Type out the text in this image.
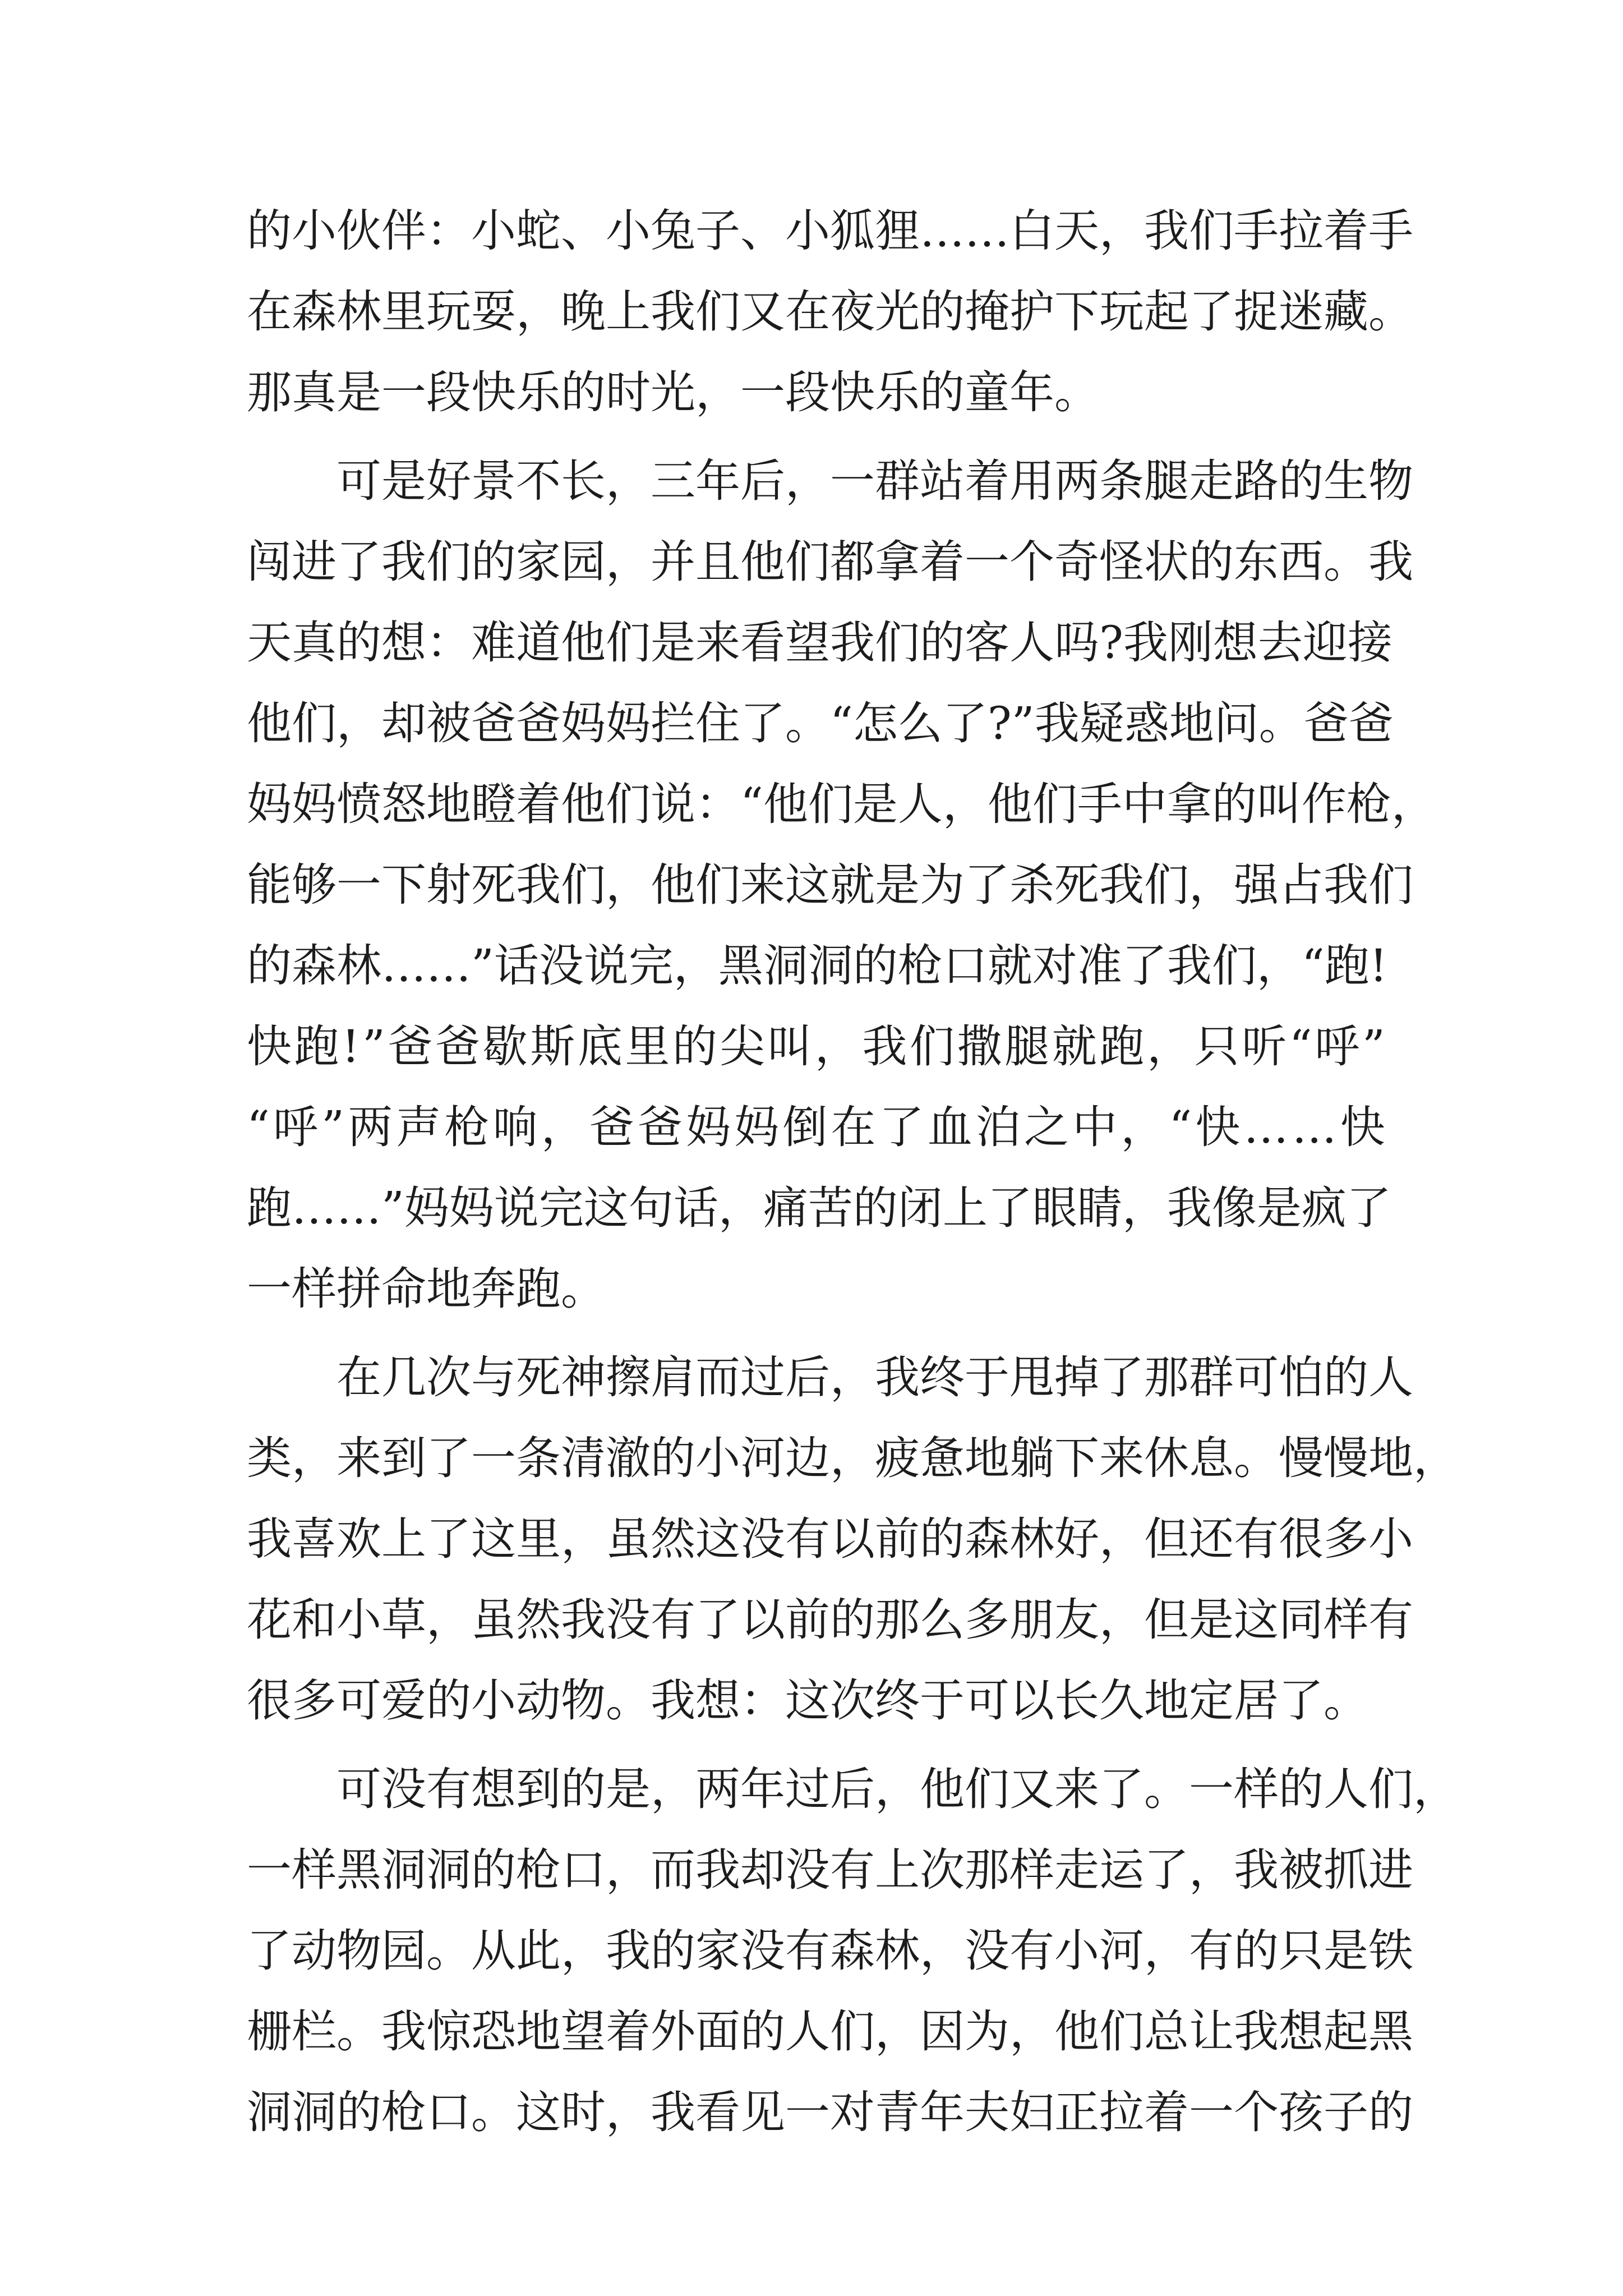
的 小 伙 伴 ： 小 蛇 、 小 兔 子 、 小 狐 狸 … … 白 天 ， 我 们 手 拉 着 手
在 森 林 里 玩 耍 ， 晚 上 我 们 又 在 夜 光 的 掩 护 下 玩 起 了 捉 迷 藏 。
那 真 是 一 段 快 乐 的 时 光 ， 一 段 快 乐 的 童 年 。
可 是 好 景 不 长 ， 三 年 后 ， 一 群 站 着 用 两 条 腿 走 路 的 生 物
闯 进 了 我 们 的 家 园 ， 并 且 他 们 都 拿 着 一 个 奇 怪 状 的 东 西 。 我
天 真 的 想 ： 难 道 他 们 是 来 看 望 我 们 的 客 人 吗 ? 我 刚 想 去 迎 接
他 们 ， 却 被 爸 爸 妈 妈 拦 住 了 。 “ 怎 么 了 ? ” 我 疑 惑 地 问 。 爸 爸
妈 妈 愤 怒 地 瞪 着 他 们 说 ： “ 他 们 是 人 ， 他 们 手 中 拿 的 叫 作 枪 ，
能 够 一 下 射 死 我 们 ， 他 们 来 这 就 是 为 了 杀 死 我 们 ， 强 占 我 们
的 森 林 … … ” 话 没 说 完 ， 黑 洞 洞 的 枪 口 就 对 准 了 我 们 ， “ 跑 !
快 跑 ! ” 爸 爸 歇 斯 底 里 的 尖 叫 ， 我 们 撒 腿 就 跑 ， 只 听 “ 呼 ”
“ 呼 ” 两 声 枪 响 ， 爸 爸 妈 妈 倒 在 了 血 泊 之 中 ， “ 快 … … 快
跑 … … ” 妈 妈 说 完 这 句 话 ， 痛 苦 的 闭 上 了 眼 睛 ， 我 像 是 疯 了
一 样 拼 命 地 奔 跑 。
在 几 次 与 死 神 擦 肩 而 过 后 ， 我 终 于 甩 掉 了 那 群 可 怕 的 人
类 ， 来 到 了 一 条 清 澈 的 小 河 边 ， 疲 惫 地 躺 下 来 休 息 。 慢 慢 地 ，
我 喜 欢 上 了 这 里 ， 虽 然 这 没 有 以 前 的 森 林 好 ， 但 还 有 很 多 小
花 和 小 草 ， 虽 然 我 没 有 了 以 前 的 那 么 多 朋 友 ， 但 是 这 同 样 有
很 多 可 爱 的 小 动 物 。 我 想 ： 这 次 终 于 可 以 长 久 地 定 居 了 。
可 没 有 想 到 的 是 ， 两 年 过 后 ， 他 们 又 来 了 。 一 样 的 人 们 ，
一 样 黑 洞 洞 的 枪 口 ， 而 我 却 没 有 上 次 那 样 走 运 了 ， 我 被 抓 进
了 动 物 园 。 从 此 ， 我 的 家 没 有 森 林 ， 没 有 小 河 ， 有 的 只 是 铁
栅 栏 。 我 惊 恐 地 望 着 外 面 的 人 们 ， 因 为 ， 他 们 总 让 我 想 起 黑
洞 洞 的 枪 口 。 这 时 ， 我 看 见 一 对 青 年 夫 妇 正 拉 着 一 个 孩 子 的
